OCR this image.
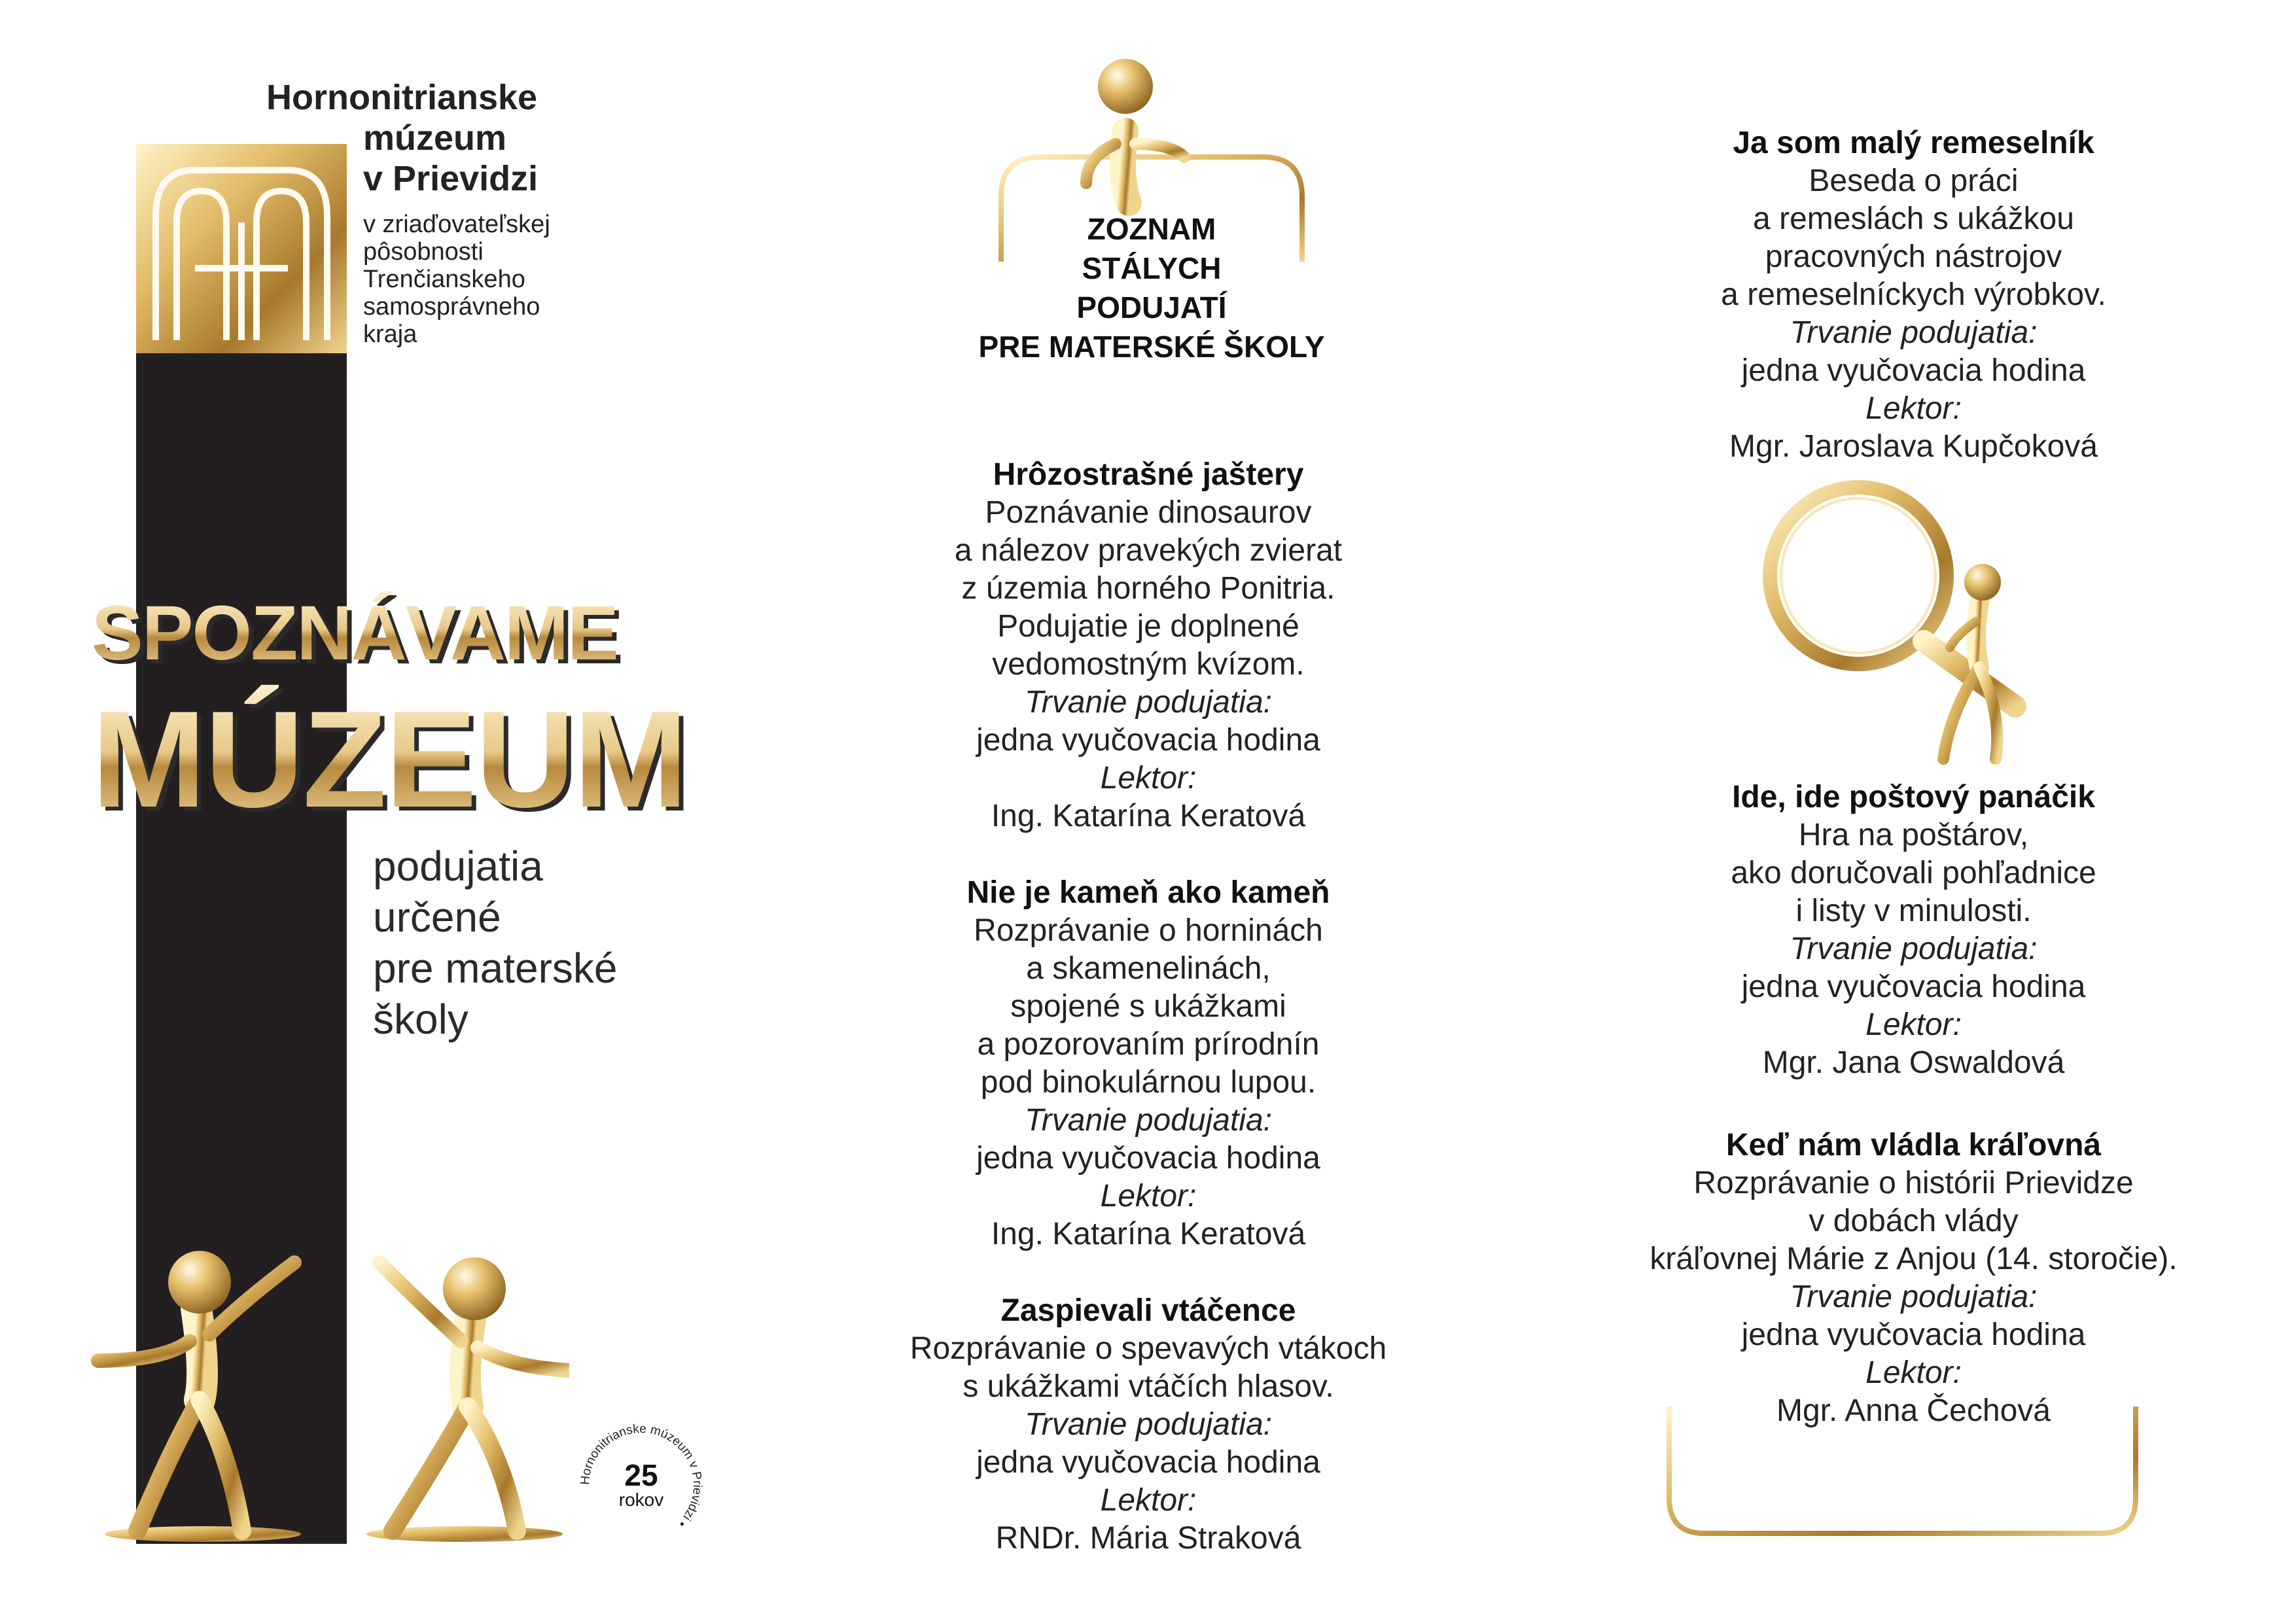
Hornonitrianske
múzeum
v Prievidzi
v zriaďovateľskej
pôsobnosti
Trenčianskeho
samosprávneho
kraja
SPOZNÁVAME
MÚZEUM
podujatia
určené
pre materské
školy
Hornonitrianske múzeum v Prievidzi •
25
rokov
ZOZNAM
STÁLYCH
PODUJATÍ
PRE MATERSKÉ ŠKOLY
Hrôzostrašné jaštery
Poznávanie dinosaurov
a nálezov pravekých zvierat
z územia horného Ponitria.
Podujatie je doplnené
vedomostným kvízom.
Trvanie podujatia:
jedna vyučovacia hodina
Lektor:
Ing. Katarína Keratová
Nie je kameň ako kameň
Rozprávanie o horninách
a skamenelinách,
spojené s ukážkami
a pozorovaním prírodnín
pod binokulárnou lupou.
Trvanie podujatia:
jedna vyučovacia hodina
Lektor:
Ing. Katarína Keratová
Zaspievali vtáčence
Rozprávanie o spevavých vtákoch
s ukážkami vtáčích hlasov.
Trvanie podujatia:
jedna vyučovacia hodina
Lektor:
RNDr. Mária Straková
Ja som malý remeselník
Beseda o práci
a remeslách s ukážkou
pracovných nástrojov
a remeselníckych výrobkov.
Trvanie podujatia:
jedna vyučovacia hodina
Lektor:
Mgr. Jaroslava Kupčoková
Ide, ide poštový panáčik
Hra na poštárov,
ako doručovali pohľadnice
i listy v minulosti.
Trvanie podujatia:
jedna vyučovacia hodina
Lektor:
Mgr. Jana Oswaldová
Keď nám vládla kráľovná
Rozprávanie o histórii Prievidze
v dobách vlády
kráľovnej Márie z Anjou (14. storočie).
Trvanie podujatia:
jedna vyučovacia hodina
Lektor:
Mgr. Anna Čechová
